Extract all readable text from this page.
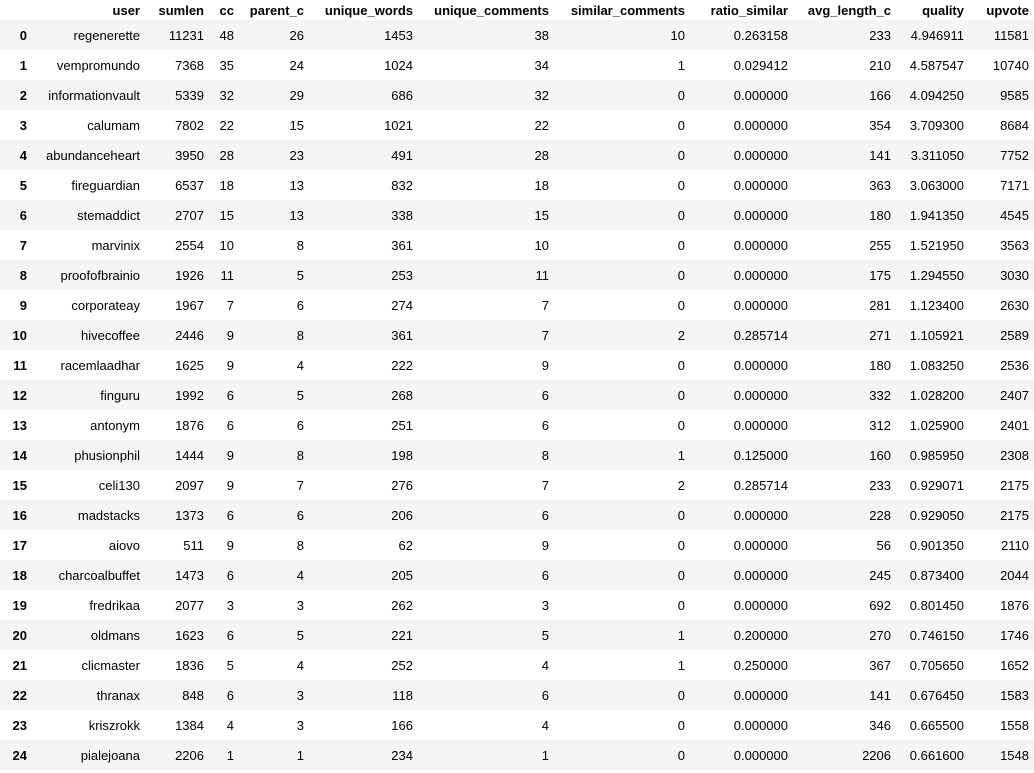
	user	sumlen	cc	parent_c	unique_words	unique_comments	similar_comments	ratio_similar	avg_length_c	quality	upvote
0	regenerette	11231	48	26	1453	38	10	0.263158	233	4.946911	11581
1	vempromundo	7368	35	24	1024	34	1	0.029412	210	4.587547	10740
2	informationvault	5339	32	29	686	32	0	0.000000	166	4.094250	9585
3	calumam	7802	22	15	1021	22	0	0.000000	354	3.709300	8684
4	abundanceheart	3950	28	23	491	28	0	0.000000	141	3.311050	7752
5	fireguardian	6537	18	13	832	18	0	0.000000	363	3.063000	7171
6	stemaddict	2707	15	13	338	15	0	0.000000	180	1.941350	4545
7	marvinix	2554	10	8	361	10	0	0.000000	255	1.521950	3563
8	proofofbrainio	1926	11	5	253	11	0	0.000000	175	1.294550	3030
9	corporateay	1967	7	6	274	7	0	0.000000	281	1.123400	2630
10	hivecoffee	2446	9	8	361	7	2	0.285714	271	1.105921	2589
11	racemlaadhar	1625	9	4	222	9	0	0.000000	180	1.083250	2536
12	finguru	1992	6	5	268	6	0	0.000000	332	1.028200	2407
13	antonym	1876	6	6	251	6	0	0.000000	312	1.025900	2401
14	phusionphil	1444	9	8	198	8	1	0.125000	160	0.985950	2308
15	celi130	2097	9	7	276	7	2	0.285714	233	0.929071	2175
16	madstacks	1373	6	6	206	6	0	0.000000	228	0.929050	2175
17	aiovo	511	9	8	62	9	0	0.000000	56	0.901350	2110
18	charcoalbuffet	1473	6	4	205	6	0	0.000000	245	0.873400	2044
19	fredrikaa	2077	3	3	262	3	0	0.000000	692	0.801450	1876
20	oldmans	1623	6	5	221	5	1	0.200000	270	0.746150	1746
21	clicmaster	1836	5	4	252	4	1	0.250000	367	0.705650	1652
22	thranax	848	6	3	118	6	0	0.000000	141	0.676450	1583
23	kriszrokk	1384	4	3	166	4	0	0.000000	346	0.665500	1558
24	pialejoana	2206	1	1	234	1	0	0.000000	2206	0.661600	1548
